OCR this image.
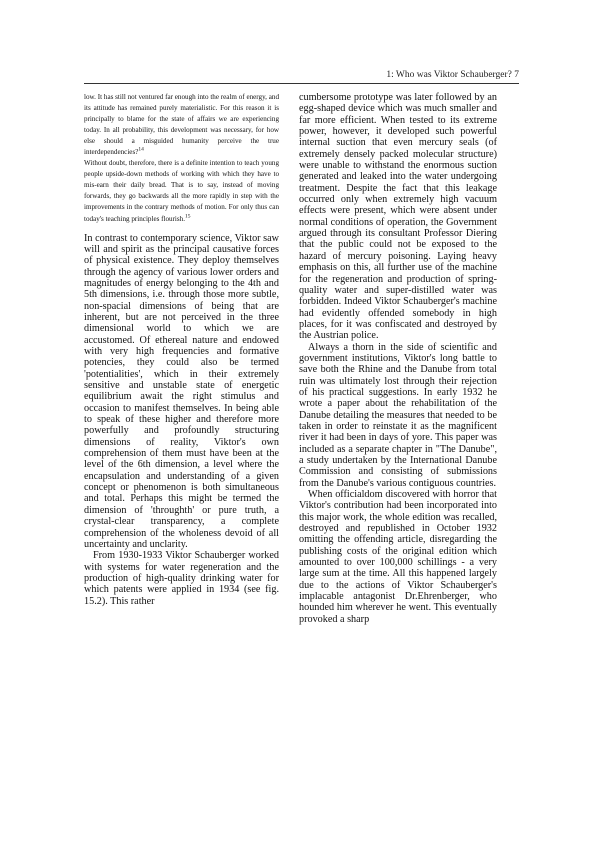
1: Who was Viktor Schauberger? 7

low. It has still not ventured far enough into the realm of energy, and its attitude has remained purely materialistic. For this reason it is principally to blame for the state of affairs we are experiencing today. In all probability, this development was necessary, for how else should a misguided humanity perceive the true interdependencies?$^{14}$

Without doubt, therefore, there is a definite intention to teach young people upside-down methods of working with which they have to mis-earn their daily bread. That is to say, instead of moving forwards, they go backwards all the more rapidly in step with the improvements in the contrary methods of motion. For only thus can today's teaching principles flourish.$^{15}$

In contrast to contemporary science, Viktor saw will and spirit as the principal causative forces of physical existence. They deploy themselves through the agency of various lower orders and magnitudes of energy belonging to the 4th and 5th dimensions, i.e. through those more subtle, non-spacial dimensions of being that are inherent, but are not perceived in the three dimensional world to which we are accustomed. Of ethereal nature and endowed with very high frequencies and formative potencies, they could also be termed 'potentialities', which in their extremely sensitive and unstable state of energetic equilibrium await the right stimulus and occasion to manifest themselves. In being able to speak of these higher and therefore more powerfully and profoundly structuring dimensions of reality, Viktor's own comprehension of them must have been at the level of the 6th dimension, a level where the encapsulation and understanding of a given concept or phenomenon is both simultaneous and total. Perhaps this might be termed the dimension of 'throughth' or pure truth, a crystal-clear transparency, a complete comprehension of the wholeness devoid of all uncertainty and unclarity.

From 1930-1933 Viktor Schauberger worked with systems for water regeneration and the production of high-quality drinking water for which patents were applied in 1934 (see fig. 15.2). This rather

cumbersome prototype was later followed by an egg-shaped device which was much smaller and far more efficient. When tested to its extreme power, however, it developed such powerful internal suction that even mercury seals (of extremely densely packed molecular structure) were unable to withstand the enormous suction generated and leaked into the water undergoing treatment. Despite the fact that this leakage occurred only when extremely high vacuum effects were present, which were absent under normal conditions of operation, the Government argued through its consultant Professor Diering that the public could not be exposed to the hazard of mercury poisoning. Laying heavy emphasis on this, all further use of the machine for the regeneration and production of spring-quality water and super-distilled water was forbidden. Indeed Viktor Schauberger's machine had evidently offended somebody in high places, for it was confiscated and destroyed by the Austrian police.

Always a thorn in the side of scientific and government institutions, Viktor's long battle to save both the Rhine and the Danube from total ruin was ultimately lost through their rejection of his practical suggestions. In early 1932 he wrote a paper about the rehabilitation of the Danube detailing the measures that needed to be taken in order to reinstate it as the magnificent river it had been in days of yore. This paper was included as a separate chapter in "The Danube", a study undertaken by the International Danube Commission and consisting of submissions from the Danube's various contiguous countries.

When officialdom discovered with horror that Viktor's contribution had been incorporated into this major work, the whole edition was recalled, destroyed and republished in October 1932 omitting the offending article, disregarding the publishing costs of the original edition which amounted to over 100,000 schillings - a very large sum at the time. All this happened largely due to the actions of Viktor Schauberger's implacable antagonist Dr.Ehrenberger, who hounded him wherever he went. This eventually provoked a sharp
